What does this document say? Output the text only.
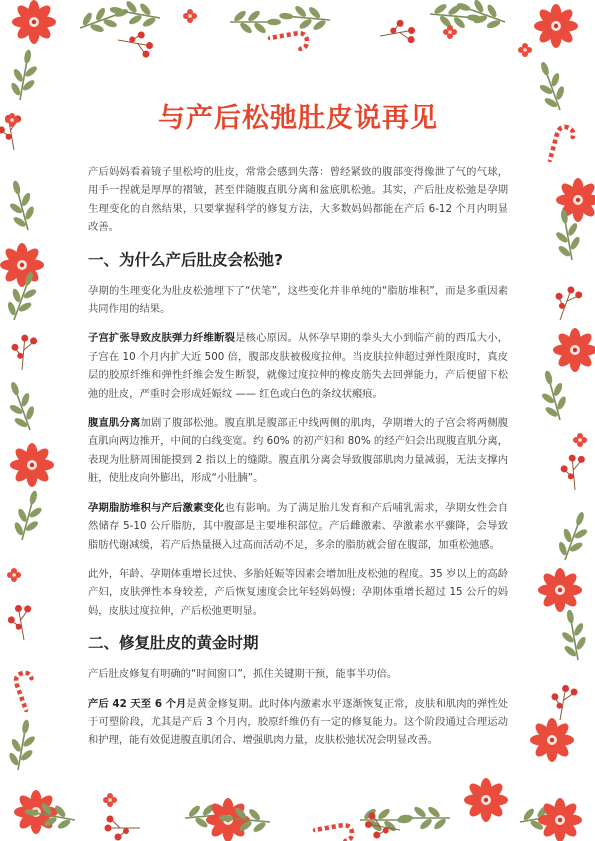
与产后松弛肚皮说再见

产后妈妈看着镜子里松垮的肚皮，常常会感到失落：曾经紧致的腹部变得像泄了气的气球，用手一捏就是厚厚的褶皱，甚至伴随腹直肌分离和盆底肌松弛。其实，产后肚皮松弛是孕期生理变化的自然结果，只要掌握科学的修复方法，大多数妈妈都能在产后 6-12 个月内明显改善。

一、为什么产后肚皮会松弛?

孕期的生理变化为肚皮松弛埋下了“伏笔”，这些变化并非单纯的“脂肪堆积”，而是多重因素共同作用的结果。

子宫扩张导致皮肤弹力纤维断裂是核心原因。从怀孕早期的拳头大小到临产前的西瓜大小，子宫在 10 个月内扩大近 500 倍，腹部皮肤被极度拉伸。当皮肤拉伸超过弹性限度时，真皮层的胶原纤维和弹性纤维会发生断裂，就像过度拉伸的橡皮筋失去回弹能力，产后便留下松弛的肚皮，严重时会形成妊娠纹 —— 红色或白色的条纹状瘢痕。

腹直肌分离加剧了腹部松弛。腹直肌是腹部正中线两侧的肌肉，孕期增大的子宫会将两侧腹直肌向两边推开，中间的白线变宽。约 60% 的初产妇和 80% 的经产妇会出现腹直肌分离，表现为肚脐周围能摸到 2 指以上的缝隙。腹直肌分离会导致腹部肌肉力量减弱，无法支撑内脏，使肚皮向外膨出，形成“小肚腩”。

孕期脂肪堆积与产后激素变化也有影响。为了满足胎儿发育和产后哺乳需求，孕期女性会自然储存 5-10 公斤脂肪，其中腹部是主要堆积部位。产后雌激素、孕激素水平骤降，会导致脂肪代谢减缓，若产后热量摄入过高而活动不足，多余的脂肪就会留在腹部，加重松弛感。

此外，年龄、孕期体重增长过快、多胎妊娠等因素会增加肚皮松弛的程度。35 岁以上的高龄产妇，皮肤弹性本身较差，产后恢复速度会比年轻妈妈慢；孕期体重增长超过 15 公斤的妈妈，皮肤过度拉伸，产后松弛更明显。

二、修复肚皮的黄金时期

产后肚皮修复有明确的“时间窗口”，抓住关键期干预，能事半功倍。

产后 42 天至 6 个月是黄金修复期。此时体内激素水平逐渐恢复正常，皮肤和肌肉的弹性处于可塑阶段，尤其是产后 3 个月内，胶原纤维仍有一定的修复能力。这个阶段通过合理运动和护理，能有效促进腹直肌闭合、增强肌肉力量，皮肤松弛状况会明显改善。
